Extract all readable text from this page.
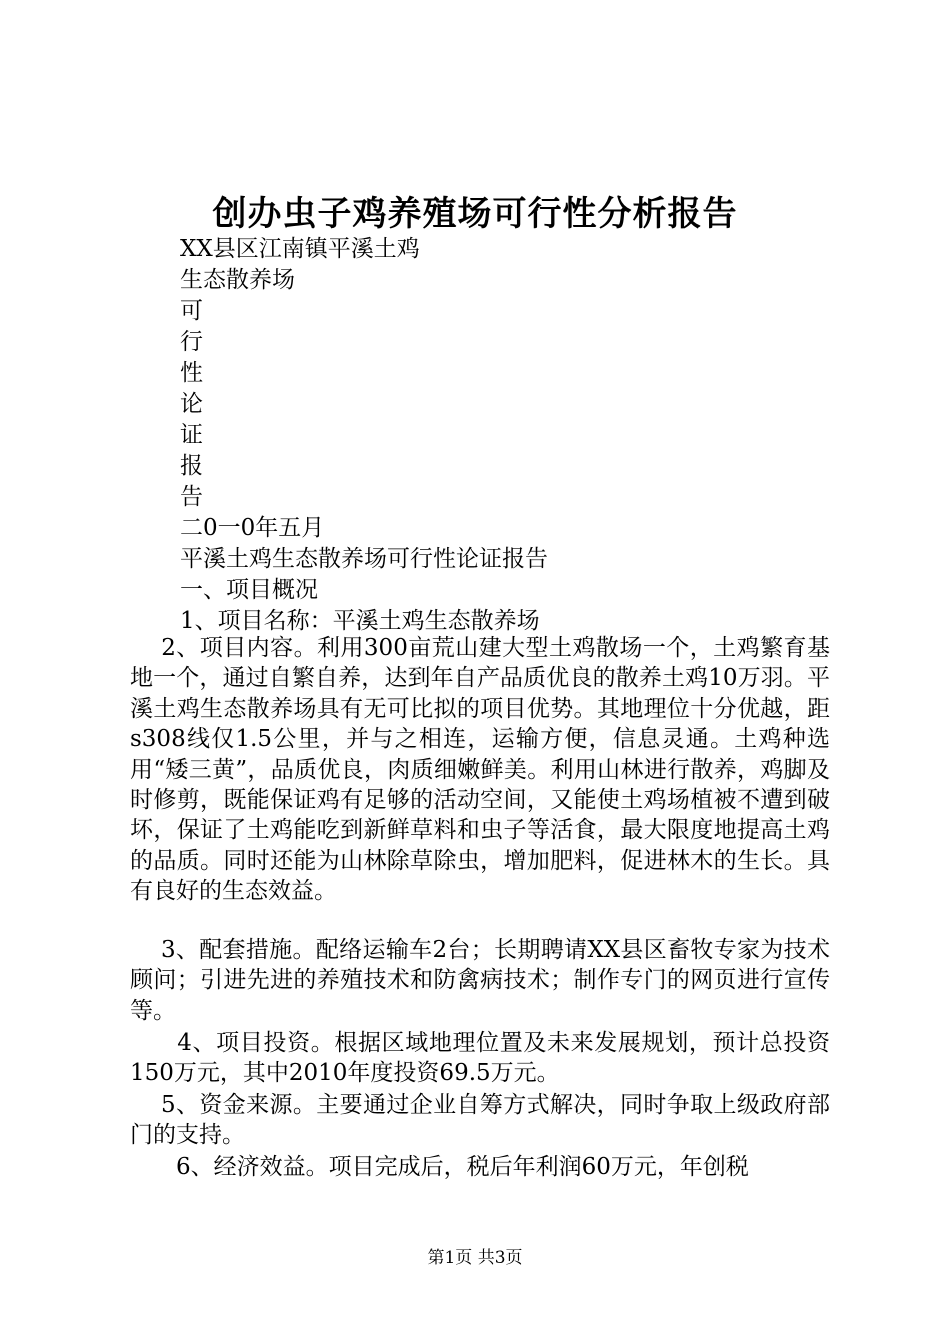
创办虫子鸡养殖场可行性分析报告
XX县区江南镇平溪土鸡
生态散养场
可
行
性
论
证
报
告
二0一0年五月
平溪土鸡生态散养场可行性论证报告
一、项目概况
1、项目名称：平溪土鸡生态散养场

　 2、项目内容。利用300亩荒山建大型土鸡散场一个，土鸡繁育基地一个，通过自繁自养，达到年自产品质优良的散养土鸡10万羽。平溪土鸡生态散养场具有无可比拟的项目优势。其地理位十分优越，距s308线仅1.5公里，并与之相连，运输方便，信息灵通。土鸡种选用“矮三黄”，品质优良，肉质细嫩鲜美。利用山林进行散养，鸡脚及时修剪，既能保证鸡有足够的活动空间，又能使土鸡场植被不遭到破坏，保证了土鸡能吃到新鲜草料和虫子等活食，最大限度地提高土鸡的品质。同时还能为山林除草除虫，增加肥料，促进林木的生长。具有良好的生态效益。

　 3、配套措施。配络运输车2台；长期聘请XX县区畜牧专家为技术顾问；引进先进的养殖技术和防禽病技术；制作专门的网页进行宣传等。

　　4、项目投资。根据区域地理位置及未来发展规划，预计总投资150万元，其中2010年度投资69.5万元。

　 5、资金来源。主要通过企业自筹方式解决，同时争取上级政府部门的支持。

　　6、经济效益。项目完成后，税后年利润60万元，年创税

第1页 共3页
